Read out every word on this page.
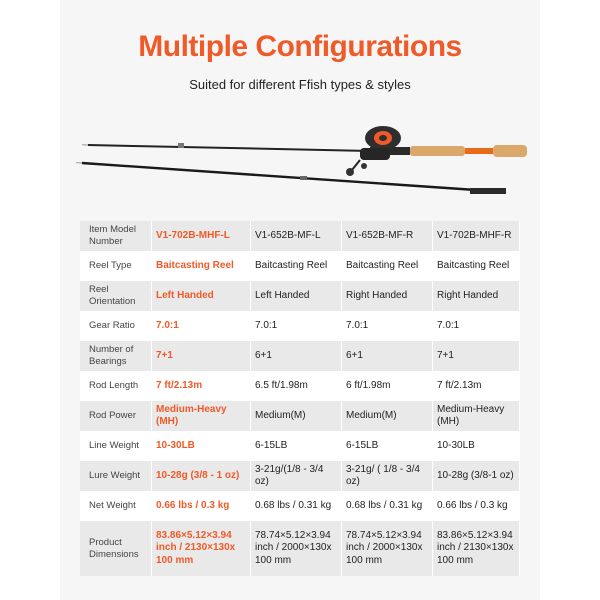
Multiple Configurations
Suited for different Ffish types & styles
Item Model Number	V1-702B-MHF-L	V1-652B-MF-L	V1-652B-MF-R	V1-702B-MHF-R
Reel Type	Baitcasting Reel	Baitcasting Reel	Baitcasting Reel	Baitcasting Reel
Reel Orientation	Left Handed	Left Handed	Right Handed	Right Handed
Gear Ratio	7.0:1	7.0:1	7.0:1	7.0:1
Number of Bearings	7+1	6+1	6+1	7+1
Rod Length	7 ft/2.13m	6.5 ft/1.98m	6 ft/1.98m	7 ft/2.13m
Rod Power	Medium-Heavy (MH)	Medium(M)	Medium(M)	Medium-Heavy (MH)
Line Weight	10-30LB	6-15LB	6-15LB	10-30LB
Lure Weight	10-28g (3/8 - 1 oz)	3-21g/(1/8 - 3/4 oz)	3-21g/ ( 1/8 - 3/4 oz)	10-28g (3/8-1 oz)
Net Weight	0.66 lbs / 0.3 kg	0.68 lbs / 0.31 kg	0.68 lbs / 0.31 kg	0.66 lbs / 0.3 kg
Product Dimensions	83.86×5.12×3.94 inch / 2130×130x 100 mm	78.74×5.12×3.94 inch / 2000×130x 100 mm	78.74×5.12×3.94 inch / 2000×130x 100 mm	83.86×5.12×3.94 inch / 2130×130x 100 mm
